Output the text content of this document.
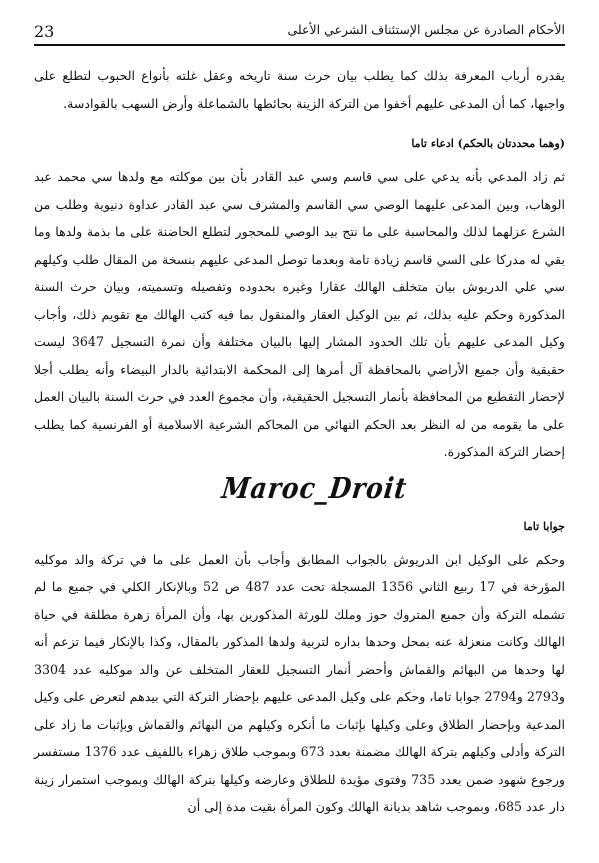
23	الأحكام الصادرة عن مجلس الإستئناف الشرعي الأعلى

يقدره أرباب المعرفة بذلك كما يطلب بيان حرث سنة تاريخه وعقل غلته بأنواع الحبوب لتطلع على واجبها، كما أن المدعى عليهم أخفوا من التركة الزينة بحائطها بالشماعلة وأرض السهب بالقوادسة.

(وهما محددتان بالحكم) ادعاء تاما

ثم زاد المدعي بأنه يدعي على سي قاسم وسي عبد القادر بأن بين موكلته مع ولدها سي محمد عبد الوهاب، وبين المدعى عليهما الوصي سي القاسم والمشرف سي عبد القادر عداوة دنيوية وطلب من الشرع عزلهما لذلك والمحاسبة على ما نتج بيد الوصي للمحجور لتطلع الحاضنة على ما بذمة ولدها وما بقي له مدركا على السي قاسم زيادة تامة وبعدما توصل المدعى عليهم بنسخة من المقال طلب وكيلهم سي علي الدريوش بيان متخلف الهالك عقارا وغيره بحدوده وتفصيله وتسميته، وبيان حرث السنة المذكورة وحكم عليه بذلك، ثم بين الوكيل العقار والمنقول بما فيه كتب الهالك مع تقويم ذلك، وأجاب وكيل المدعى عليهم بأن تلك الحدود المشار إليها بالبيان مختلفة وأن نمرة التسجيل 3647 ليست حقيقية وأن جميع الأراضي بالمحافظة آل أمرها إلى المحكمة الابتدائية بالدار البيضاء وأنه يطلب أجلا لإحضار التقطيع من المحافظة بأنمار التسجيل الحقيقية، وأن مجموع العدد في حرث السنة بالبيان العمل على ما يقومه من له النظر بعد الحكم النهائي من المحاكم الشرعية الاسلامية أو الفرنسية كما يطلب إحضار التركة المذكورة.

Maroc_Droit

جوابا تاما

وحكم على الوكيل ابن الدريوش بالجواب المطابق وأجاب بأن العمل على ما في تركة والد موكليه المؤرخة في 17 ربيع الثاني 1356 المسجلة تحت عدد 487 ص 52 وبالإنكار الكلي في جميع ما لم تشمله التركة وأن جميع المتروك حوز وملك للورثة المذكورين بها، وأن المرأة زهرة مطلقة في حياة الهالك وكانت منعزلة عنه بمحل وحدها بداره لتربية ولدها المذكور بالمقال، وكذا بالإنكار فيما تزعم أنه لها وحدها من البهائم والقماش وأحضر أنمار التسجيل للعقار المتخلف عن والد موكليه عدد 3304 و2793 و2794 جوابا تاما، وحكم على وكيل المدعى عليهم بإحضار التركة التي بيدهم لتعرض على وكيل المدعية وبإحضار الطلاق وعلى وكيلها بإثبات ما أنكره وكيلهم من البهائم والقماش وبإثبات ما زاد على التركة وأدلى وكيلهم بتركة الهالك مضمنة بعدد 673 وبموجب طلاق زهراء باللفيف عدد 1376 مستفسر ورجوع شهود ضمن بعدد 735 وفتوى مؤيدة للطلاق وعارضه وكيلها بتركة الهالك وبموجب استمرار زينة دار عدد 685، وبموجب شاهد بديانة الهالك وكون المرأة بقيت مدة إلى أن
